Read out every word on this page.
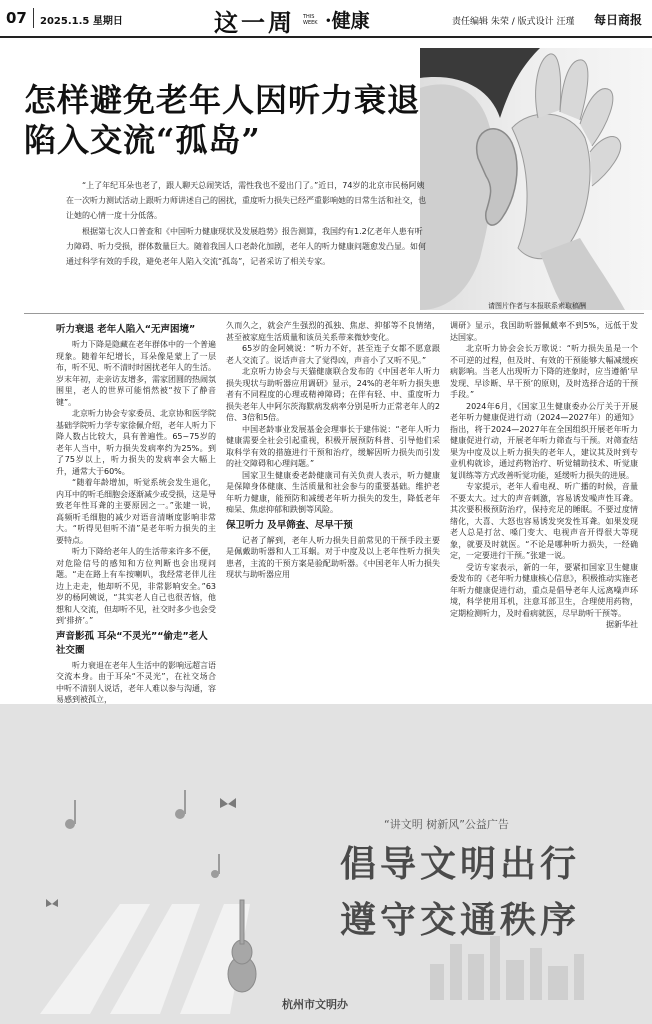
07 2025.1.5 星期日	这一周 THIS WEEK ·健康	责任编辑 朱荣 / 版式设计 汪瑾 每日商报
怎样避免老年人因听力衰退
陷入交流“孤岛”

“上了年纪耳朵也老了，跟人聊天总闹笑话，需性我也不爱出门了。”近日，74岁的北京市民杨阿姨在一次听力测试活动上跟听力师讲述自己的困扰，重度听力损失已经严重影响她的日常生活和社交，也让她的心情一度十分低落。

根据第七次人口普查和《中国听力健康现状及发展趋势》报告测算，我国约有1.2亿老年人患有听力障碍、听力受损，群体数量巨大。随着我国人口老龄化加剧，老年人的听力健康问题愈发凸显。如何通过科学有效的手段，避免老年人陷入交流“孤岛”，记者采访了相关专家。

请图片作者与本报联系索取稿酬
听力衰退 老年人陷入“无声困境”

听力下降是隐藏在老年群体中的一个普遍现象。随着年纪增长，耳朵像是蒙上了一层布，听不见、听不清时时困扰老年人的生活。岁末年初，走亲访友增多，需家团圆的热闹氛围里，老人的世界可能悄然被“按下了静音键”。

北京听力协会专家委员、北京协和医学院基础学院听力学专家徐佩介绍，老年人听力下降人数占比较大，具有普遍性。65~75岁的老年人当中，听力损失发病率约为25%。到了75岁以上，听力损失的发病率会大幅上升，通常大于60%。

“随着年龄增加，听觉系统会发生退化，内耳中的听毛细胞会逐渐减少或受损，这是导致老年性耳聋的主要原因之一。”张建一说，高频听毛细胞的减少对语音清晰度影响非常大。“听得见但听不清”是老年听力损失的主要特点。

听力下降给老年人的生活带来许多不便，对危险信号的感知和方位判断也会出现问题。“走在路上有车按喇叭，我经常老伴儿往边上走走，他却听不见，非常影响安全。”63岁的杨阿姨说，“其实老人自己也很苦恼，他想和人交流，但却听不见，社交时多少也会受到‘排挤’。”

声音影孤 耳朵“不灵光”“偷走”老人社交圈

听力衰退在老年人生活中的影响远超言语交流本身。由于耳朵“不灵光”，在社交场合中听不清别人说话，老年人难以参与沟通，容易感到被孤立，

久而久之，就会产生强烈的孤独、焦虑、抑郁等不良情绪，甚至被家庭生活质量和该员关系带来微妙变化。

65岁的金阿姨说：“听力不好，甚至连子女都不愿意跟老人交流了。说话声音大了觉得凶，声音小了又听不见。”

北京听力协会与天猫健康联合发布的《中国老年人听力损失现状与助听器应用调研》显示，24%的老年听力损失患者有不同程度的心理或精神障碍；在伴有轻、中、重度听力损失老年人中阿尔茨海默病发病率分别是听力正常老年人的2倍、3倍和5倍。

中国老龄事业发展基金会理事长于建伟说：“老年人听力健康需要全社会引起重视，积极开展预防科普、引导他们采取科学有效的措施进行干预和治疗，缓解因听力损失而引发的社交障碍和心理问题。”

国家卫生健康委老龄健康司有关负责人表示，听力健康是保障身体健康、生活质量和社会参与的重要基础。维护老年听力健康，能预防和减缓老年听力损失的发生，降低老年痴呆、焦虑抑郁和跌倒等风险。

保卫听力 及早筛查、尽早干预

记者了解到，老年人听力损失目前常见的干预手段主要是佩戴助听器和人工耳蜗。对于中度及以上老年性听力损失患者，主流的干预方案是验配助听器。《中国老年人听力损失现状与助听器应用

调研》显示，我国助听器佩戴率不到5%，远低于发达国家。

北京听力协会会长万歌说：“听力损失虽是一个不可逆的过程，但及时、有效的干预能够大幅减缓疾病影响。当老人出现听力下降的迹象时，应当遵循‘早发现、早诊断、早干预’的原则，及时选择合适的干预手段。”

2024年6月，《国家卫生健康委办公厅关于开展老年听力健康促进行动（2024—2027年）的通知》指出，将于2024—2027年在全国组织开展老年听力健康促进行动，开展老年听力筛查与干预。对筛查结果为中度及以上听力损失的老年人，建议其及时到专业机构就诊，通过药物治疗、听觉辅助技术、听觉康复训练等方式改善听觉功能，延缓听力损失的进展。

专家提示，老年人看电视、听广播的时候，音量不要太大。过大的声音刺激，容易诱发噪声性耳聋。其次要积极预防治疗，保持充足的睡眠。不要过度情绪化，大喜、大怒也容易诱发突发性耳聋。如果发现老人总是打岔、嗓门变大、电视声音开得很大等现象，就要及时就医。“不论是哪种听力损失，一经确定，一定要进行干预。”张建一说。

受访专家表示，新的一年，要紧扣国家卫生健康委发布的《老年听力健康核心信息》，积极推动实施老年听力健康促进行动，重点是倡导老年人远离噪声环境，科学使用耳机，注意耳部卫生，合理使用药物，定期检测听力，及时看病就医，尽早助听干预等。

据新华社

“讲文明 树新风”公益广告
倡导文明出行
遵守交通秩序
杭州市文明办
